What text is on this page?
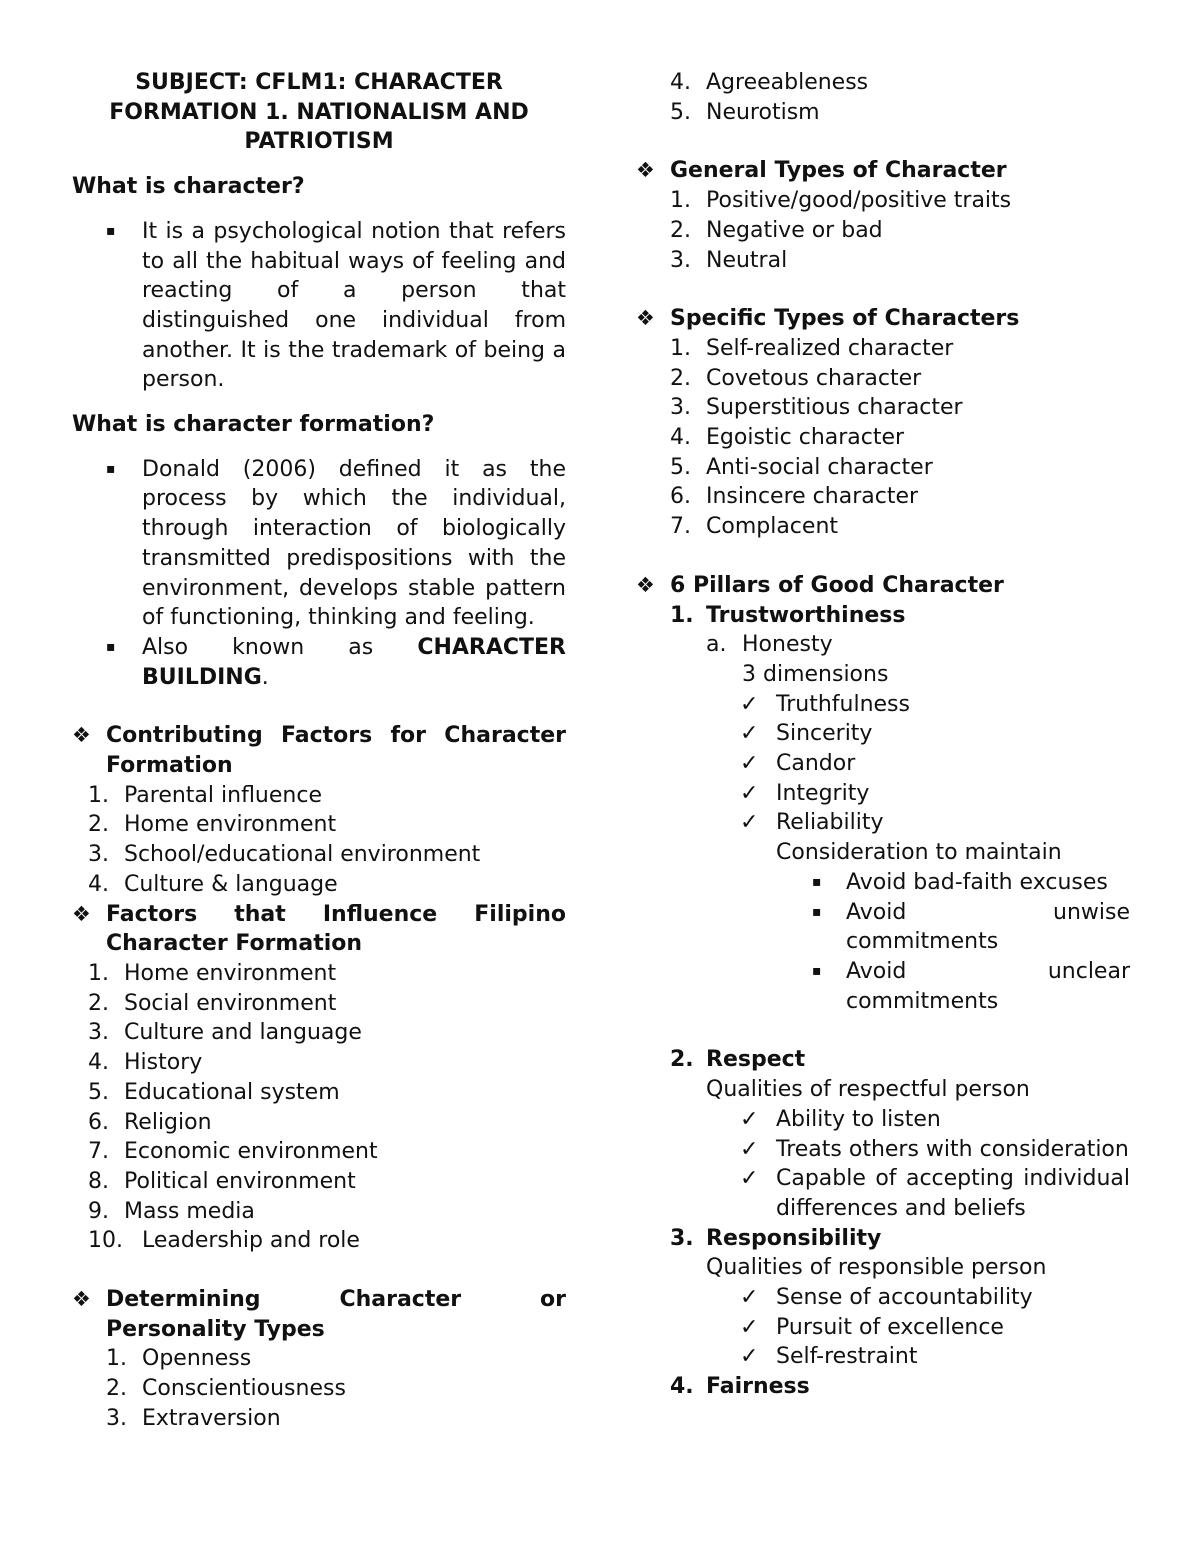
SUBJECT: CFLM1: CHARACTER FORMATION 1. NATIONALISM AND PATRIOTISM

What is character?

▪ It is a psychological notion that refers to all the habitual ways of feeling and reacting of a person that distinguished one individual from another. It is the trademark of being a person.

What is character formation?

▪ Donald (2006) defined it as the process by which the individual, through interaction of biologically transmitted predispositions with the environment, develops stable pattern of functioning, thinking and feeling.

▪ Also known as CHARACTER BUILDING.

❖ Contributing Factors for Character Formation

1. Parental influence

2. Home environment

3. School/educational environment

4. Culture & language

❖ Factors that Influence Filipino Character Formation

1. Home environment

2. Social environment

3. Culture and language

4. History

5. Educational system

6. Religion

7. Economic environment

8. Political environment

9. Mass media

10. Leadership and role

❖ Determining Character or Personality Types

1. Openness

2. Conscientiousness

3. Extraversion

4. Agreeableness

5. Neurotism

❖ General Types of Character

1. Positive/good/positive traits

2. Negative or bad

3. Neutral

❖ Specific Types of Characters

1. Self-realized character

2. Covetous character

3. Superstitious character

4. Egoistic character

5. Anti-social character

6. Insincere character

7. Complacent

❖ 6 Pillars of Good Character

1. Trustworthiness

a. Honesty

3 dimensions

✓ Truthfulness

✓ Sincerity

✓ Candor

✓ Integrity

✓ Reliability

Consideration to maintain

▪ Avoid bad-faith excuses

▪ Avoid unwise commitments

▪ Avoid unclear commitments

2. Respect

Qualities of respectful person

✓ Ability to listen

✓ Treats others with consideration

✓ Capable of accepting individual differences and beliefs

3. Responsibility

Qualities of responsible person

✓ Sense of accountability

✓ Pursuit of excellence

✓ Self-restraint

4. Fairness
